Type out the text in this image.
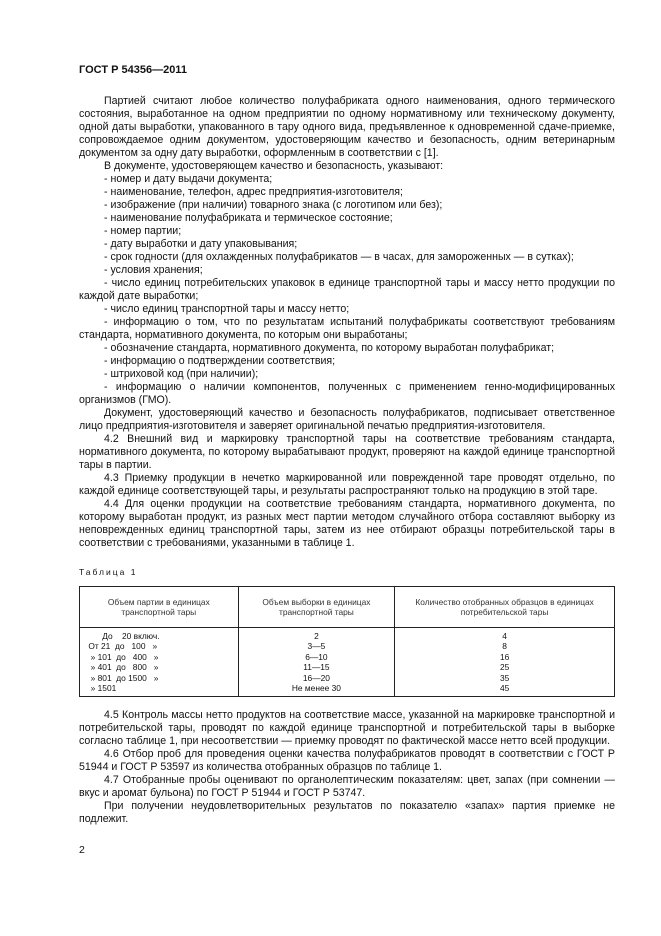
ГОСТ Р 54356—2011

Партией считают любое количество полуфабриката одного наименования, одного термического состояния, выработанное на одном предприятии по одному нормативному или техническому документу, одной даты выработки, упакованного в тару одного вида, предъявленное к одновременной сдаче-приемке, сопровождаемое одним документом, удостоверяющим качество и безопасность, одним ветеринарным документом за одну дату выработки, оформленным в соответствии с [1].

В документе, удостоверяющем качество и безопасность, указывают:

- номер и дату выдачи документа;

- наименование, телефон, адрес предприятия-изготовителя;

- изображение (при наличии) товарного знака (с логотипом или без);

- наименование полуфабриката и термическое состояние;

- номер партии;

- дату выработки и дату упаковывания;

- срок годности (для охлажденных полуфабрикатов — в часах, для замороженных — в сутках);

- условия хранения;

- число единиц потребительских упаковок в единице транспортной тары и массу нетто продукции по каждой дате выработки;

- число единиц транспортной тары и массу нетто;

- информацию о том, что по результатам испытаний полуфабрикаты соответствуют требованиям стандарта, нормативного документа, по которым они выработаны;

- обозначение стандарта, нормативного документа, по которому выработан полуфабрикат;

- информацию о подтверждении соответствия;

- штриховой код (при наличии);

- информацию о наличии компонентов, полученных с применением генно-модифицированных организмов (ГМО).

Документ, удостоверяющий качество и безопасность полуфабрикатов, подписывает ответственное лицо предприятия-изготовителя и заверяет оригинальной печатью предприятия-изготовителя.

4.2 Внешний вид и маркировку транспортной тары на соответствие требованиям стандарта, нормативного документа, по которому вырабатывают продукт, проверяют на каждой единице транспортной тары в партии.

4.3 Приемку продукции в нечетко маркированной или поврежденной таре проводят отдельно, по каждой единице соответствующей тары, и результаты распространяют только на продукцию в этой таре.

4.4 Для оценки продукции на соответствие требованиям стандарта, нормативного документа, по которому выработан продукт, из разных мест партии методом случайного отбора составляют выборку из неповрежденных единиц транспортной тары, затем из нее отбирают образцы потребительской тары в соответствии с требованиями, указанными в таблице 1.

Таблица 1
Объем партии в единицах транспортной тары	Объем выборки в единицах транспортной тары	Количество отобранных образцов в единицах потребительской тары
До    20 включ.	2	4
От 21  до   100   »	3—5	8
» 101  до   400   »	6—10	16
» 401  до   800   »	11—15	25
» 801  до 1500   »	16—20	35
» 1501	Не менее 30	45

4.5 Контроль массы нетто продуктов на соответствие массе, указанной на маркировке транспортной и потребительской тары, проводят по каждой единице транспортной и потребительской тары в выборке согласно таблице 1, при несоответствии — приемку проводят по фактической массе нетто всей продукции.

4.6 Отбор проб для проведения оценки качества полуфабрикатов проводят в соответствии с ГОСТ Р 51944 и ГОСТ Р 53597 из количества отобранных образцов по таблице 1.

4.7 Отобранные пробы оценивают по органолептическим показателям: цвет, запах (при сомнении — вкус и аромат бульона) по ГОСТ Р 51944 и ГОСТ Р 53747.

При получении неудовлетворительных результатов по показателю «запах» партия приемке не подлежит.

2
